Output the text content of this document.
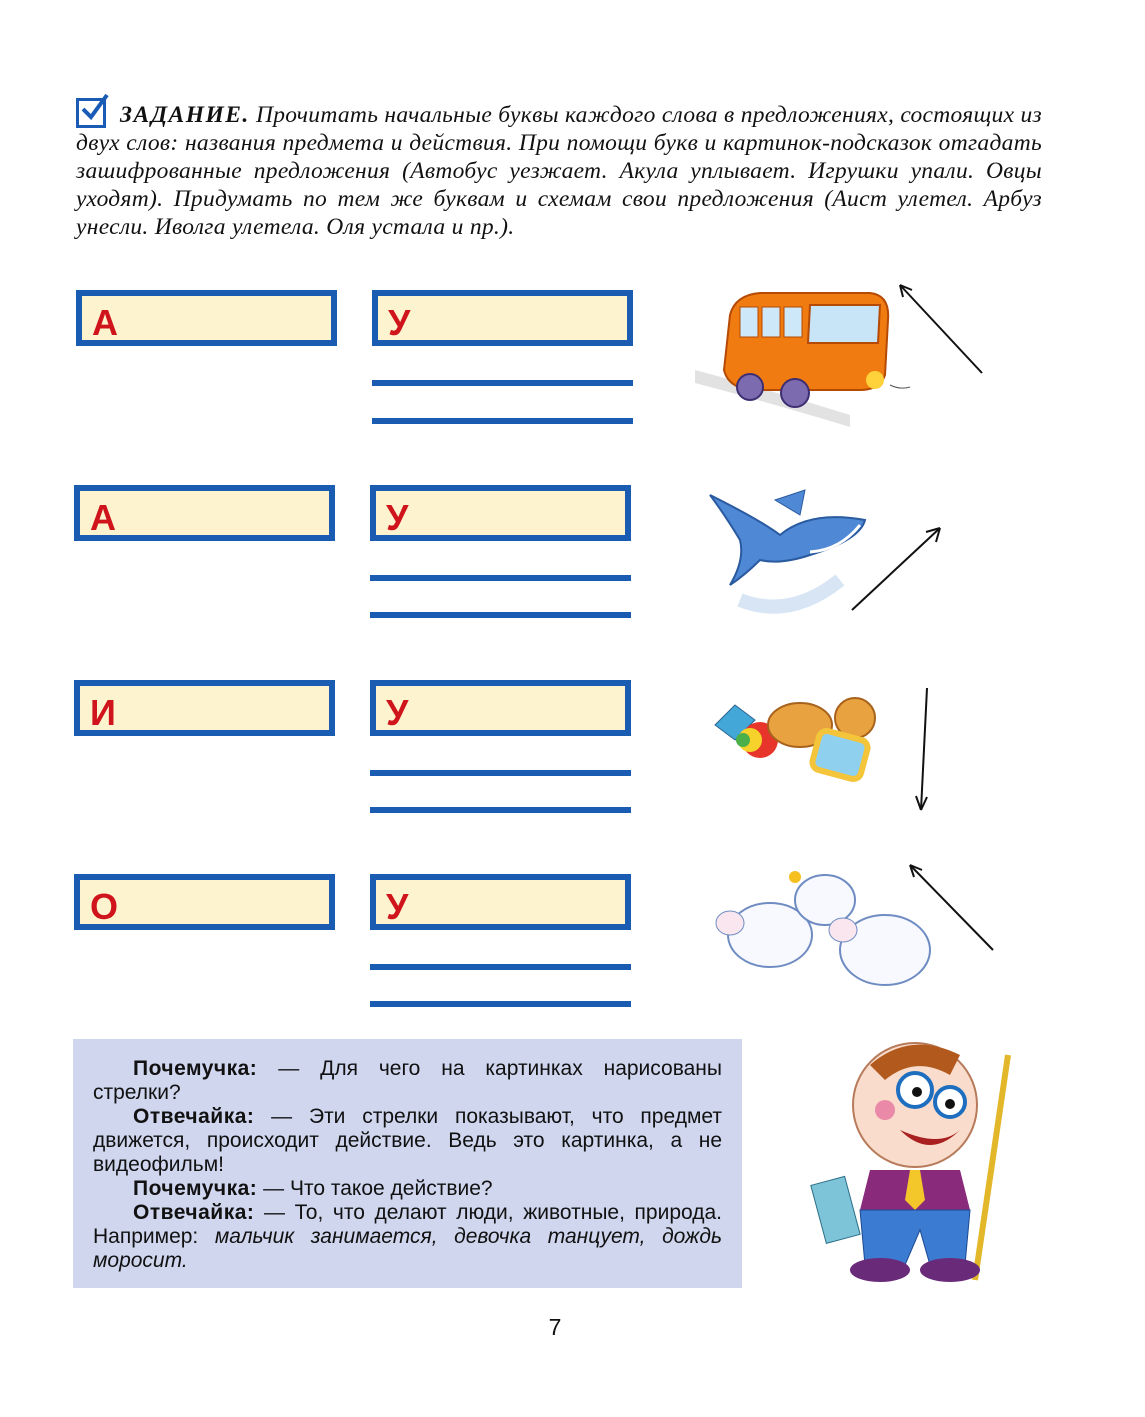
ЗАДАНИЕ. Прочитать начальные буквы каждого слова в предложениях, состоящих из двух слов: названия предмета и действия. При помощи букв и картинок-подсказок отгадать зашифрованные предложения (Автобус уезжает. Акула уплывает. Игрушки упали. Овцы уходят). Придумать по тем же буквам и схемам свои предложения (Аист улетел. Арбуз унесли. Иволга улетела. Оля устала и пр.).
А	У
А	У
И	У
О	У

Почемучка: — Для чего на картинках нарисованы стрелки?

Отвечайка: — Эти стрелки показывают, что предмет движется, происходит действие. Ведь это картинка, а не видеофильм!

Почемучка: — Что такое действие?

Отвечайка: — То, что делают люди, животные, природа. Например: мальчик занимается, девочка танцует, дождь моросит.

7
